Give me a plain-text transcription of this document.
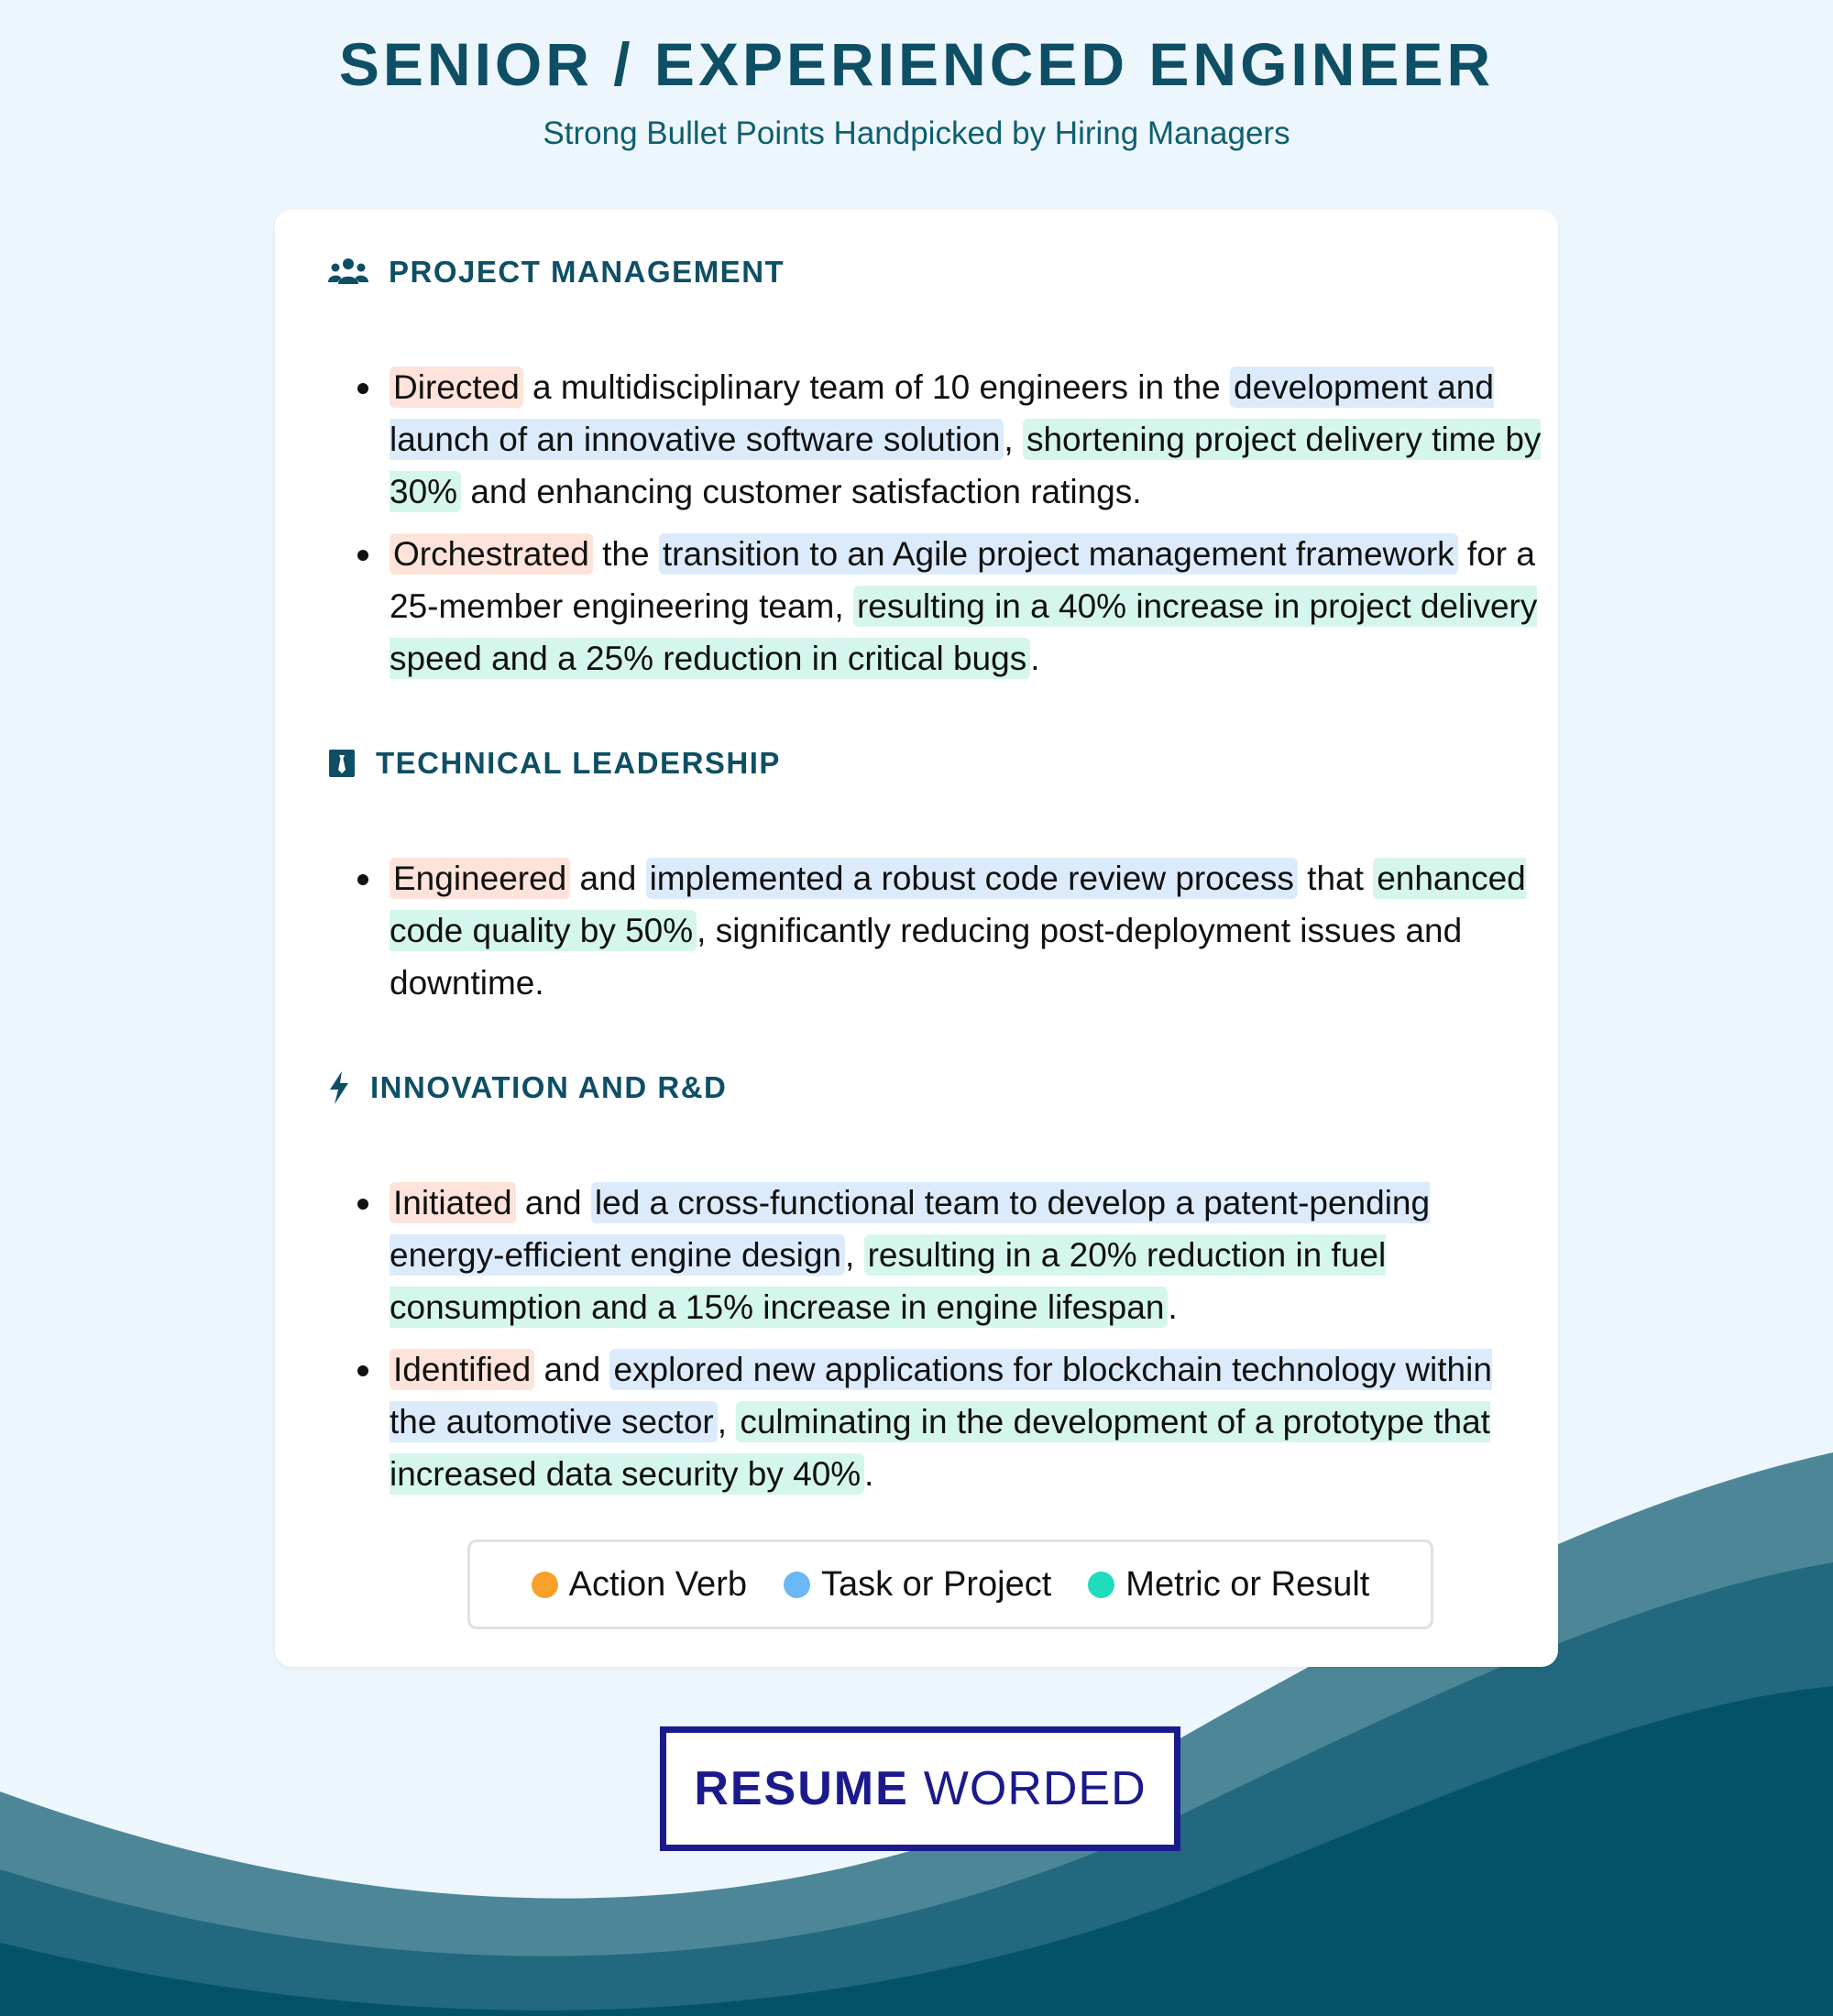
SENIOR / EXPERIENCED ENGINEER

Strong Bullet Points Handpicked by Hiring Managers

PROJECT MANAGEMENT
Directed a multidisciplinary team of 10 engineers in the development and launch of an innovative software solution , shortening project delivery time by 30% and enhancing customer satisfaction ratings.
Orchestrated the transition to an Agile project management framework for a 25-member engineering team, resulting in a 40% increase in project delivery speed and a 25% reduction in critical bugs .
TECHNICAL LEADERSHIP
Engineered and implemented a robust code review process that enhanced code quality by 50% , significantly reducing post-deployment issues and downtime.
INNOVATION AND R&D
Initiated and led a cross-functional team to develop a patent-pending energy-efficient engine design , resulting in a 20% reduction in fuel consumption and a 15% increase in engine lifespan .
Identified and explored new applications for blockchain technology within the automotive sector , culminating in the development of a prototype that increased data security by 40% .
Action Verb Task or Project Metric or Result
RESUME WORDED
